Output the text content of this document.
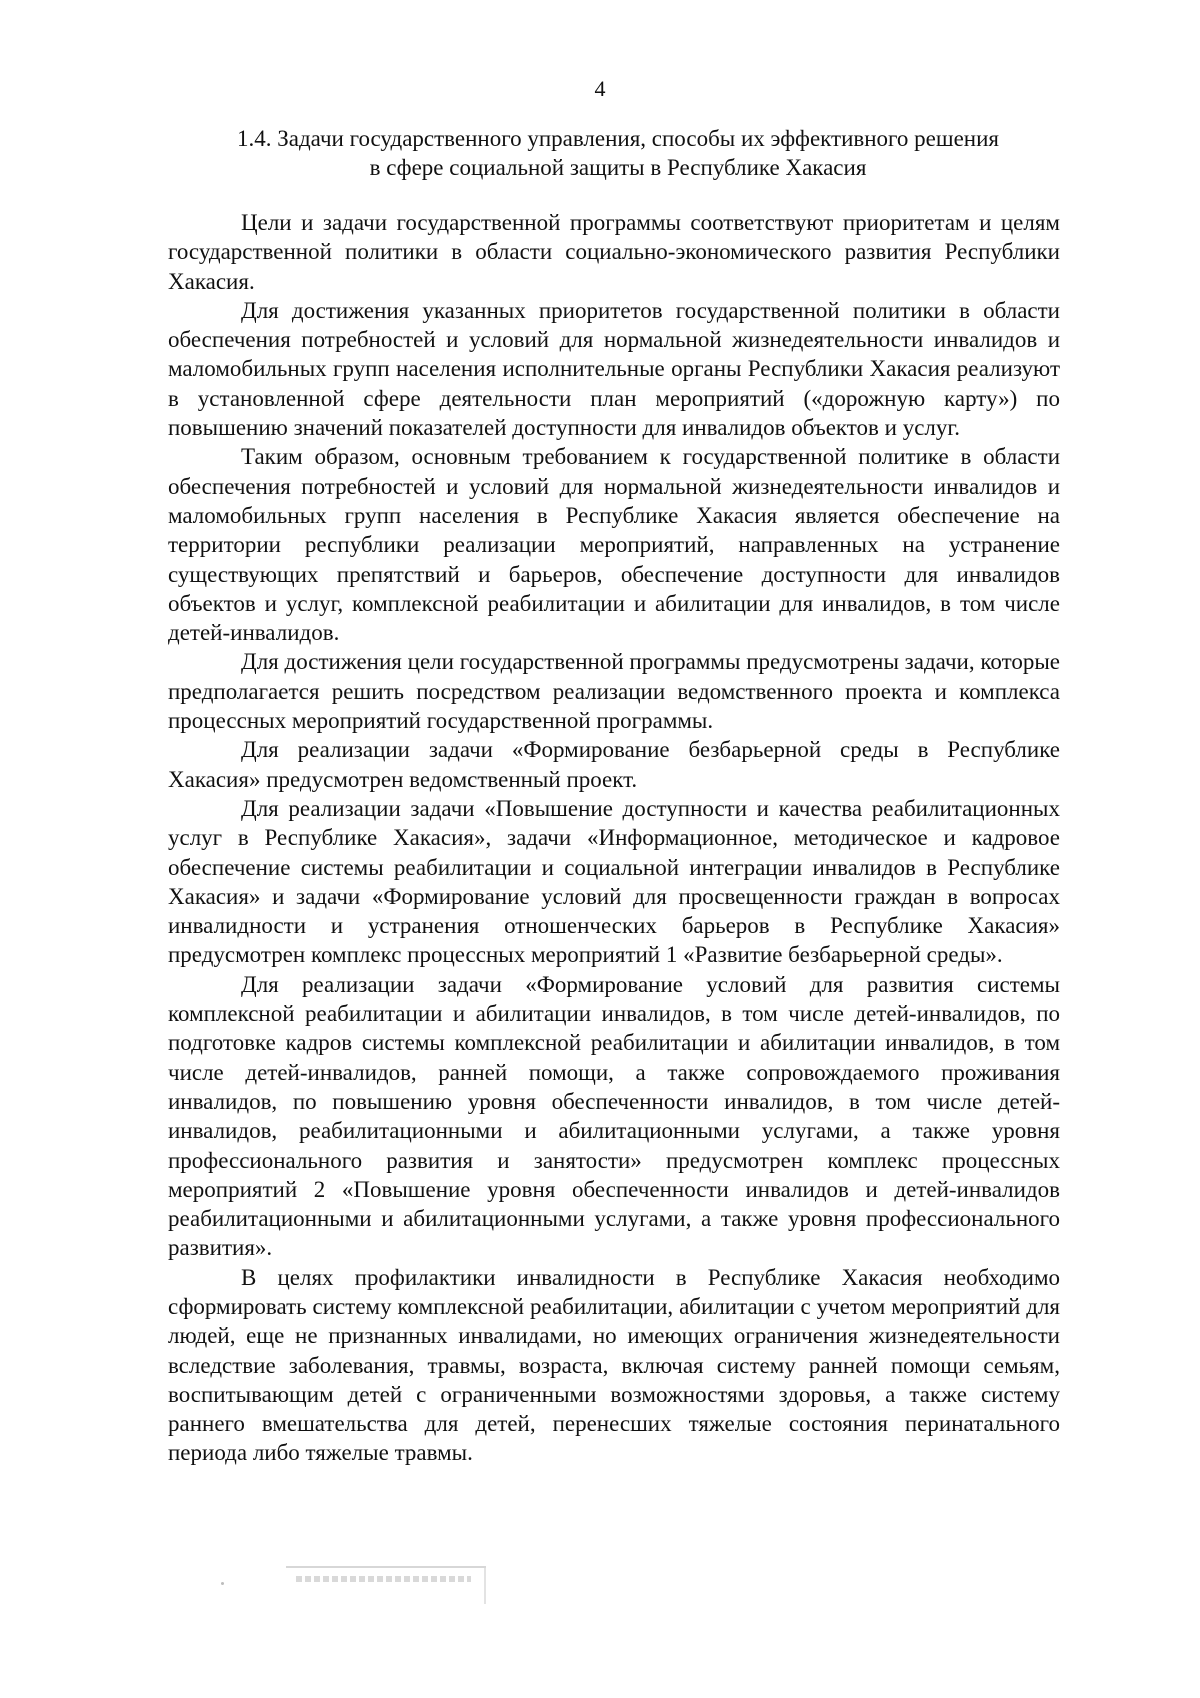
4
1.4. Задачи государственного управления, способы их эффективного решения
в сфере социальной защиты в Республике Хакасия

Цели и задачи государственной программы соответствуют приоритетам и целям государственной политики в области социально-экономического развития Республики Хакасия.

Для достижения указанных приоритетов государственной политики в области обеспечения потребностей и условий для нормальной жизнедеятельности инвалидов и маломобильных групп населения исполнительные органы Республики Хакасия реализуют в установленной сфере деятельности план мероприятий («дорожную карту») по повышению значений показателей доступности для инвалидов объектов и услуг.

Таким образом, основным требованием к государственной политике в области обеспечения потребностей и условий для нормальной жизнедеятельности инвалидов и маломобильных групп населения в Республике Хакасия является обеспечение на территории республики реализации мероприятий, направленных на устранение существующих препятствий и барьеров, обеспечение доступности для инвалидов объектов и услуг, комплексной реабилитации и абилитации для инвалидов, в том числе детей-инвалидов.

Для достижения цели государственной программы предусмотрены задачи, которые предполагается решить посредством реализации ведомственного проекта и комплекса процессных мероприятий государственной программы.

Для реализации задачи «Формирование безбарьерной среды в Республике Хакасия» предусмотрен ведомственный проект.

Для реализации задачи «Повышение доступности и качества реабилитационных услуг в Республике Хакасия», задачи «Информационное, методическое и кадровое обеспечение системы реабилитации и социальной интеграции инвалидов в Республике Хакасия» и задачи «Формирование условий для просвещенности граждан в вопросах инвалидности и устранения отношенческих барьеров в Республике Хакасия» предусмотрен комплекс процессных мероприятий 1 «Развитие безбарьерной среды».

Для реализации задачи «Формирование условий для развития системы комплексной реабилитации и абилитации инвалидов, в том числе детей-инвалидов, по подготовке кадров системы комплексной реабилитации и абилитации инвалидов, в том числе детей-инвалидов, ранней помощи, а также сопровождаемого проживания инвалидов, по повышению уровня обеспеченности инвалидов, в том числе детей-инвалидов, реабилитационными и абилитационными услугами, а также уровня профессионального развития и занятости» предусмотрен комплекс процессных мероприятий 2 «Повышение уровня обеспеченности инвалидов и детей-инвалидов реабилитационными и абилитационными услугами, а также уровня профессионального развития».

В целях профилактики инвалидности в Республике Хакасия необходимо сформировать систему комплексной реабилитации, абилитации с учетом мероприятий для людей, еще не признанных инвалидами, но имеющих ограничения жизнедеятельности вследствие заболевания, травмы, возраста, включая систему ранней помощи семьям, воспитывающим детей с ограниченными возможностями здоровья, а также систему раннего вмешательства для детей, перенесших тяжелые состояния перинатального периода либо тяжелые травмы.
